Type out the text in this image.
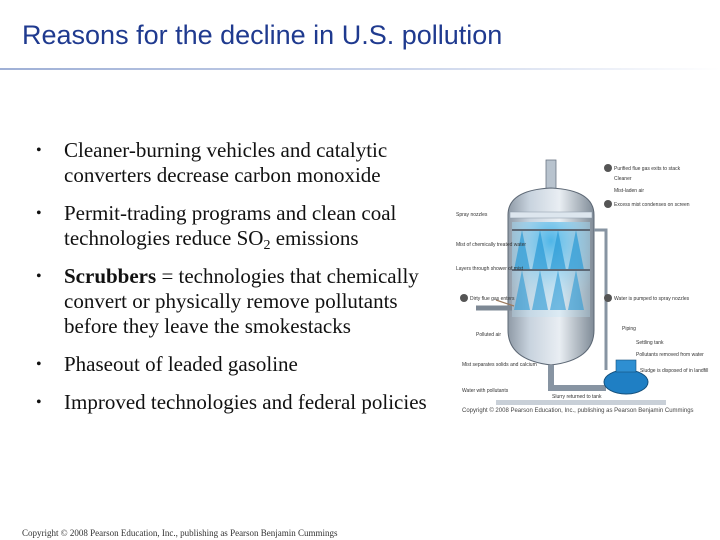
Reasons for the decline in U.S. pollution
• Cleaner-burning vehicles and catalytic converters decrease carbon monoxide
• Permit-trading programs and clean coal technologies reduce $SO_2$ emissions
• Scrubbers = technologies that chemically convert or physically remove pollutants before they leave the smokestacks
• Phaseout of leaded gasoline
• Improved technologies and federal policies
Purified flue gas exits to stack
Cleaner
Mist-laden air
Excess mist condenses on screen
Spray nozzles
Mist of chemically treated water
Layers through shower of mist
Dirty flue gas enters	Water is pumped to spray nozzles
Polluted air
Piping
Settling tank
Pollutants removed from water
Mist separates solids and calcium
Sludge is disposed of in landfill
Water with pollutants
Slurry returned to tank
Copyright © 2008 Pearson Education, Inc., publishing as Pearson Benjamin Cummings
Copyright © 2008 Pearson Education, Inc., publishing as Pearson Benjamin Cummings
